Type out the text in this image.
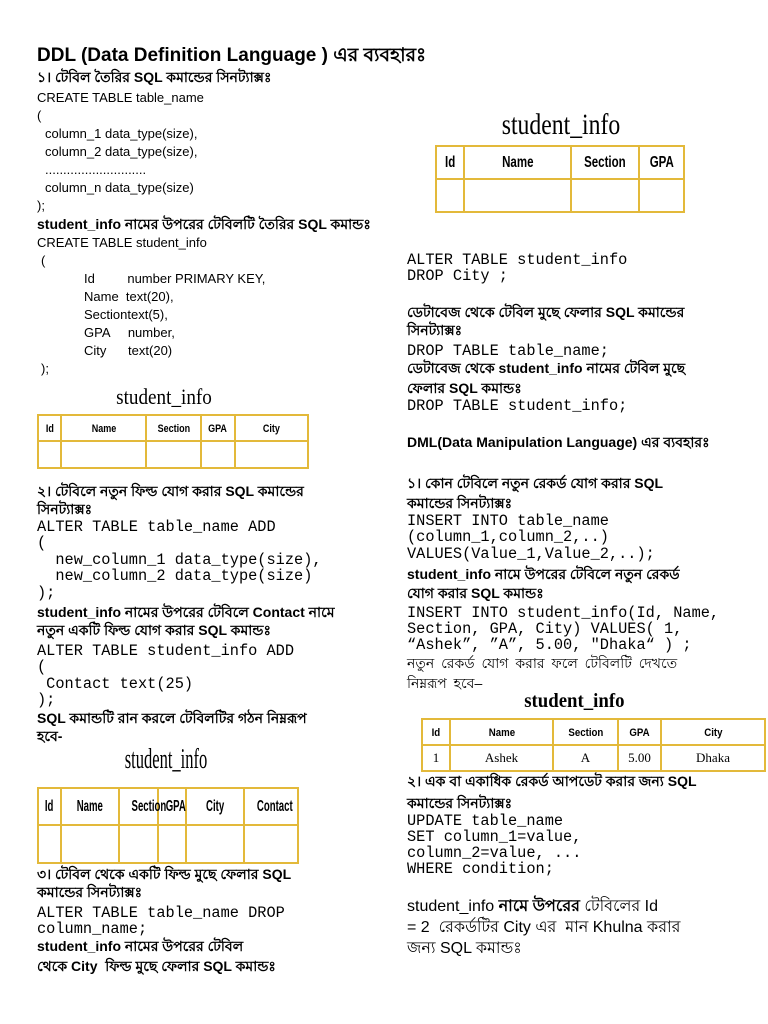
DDL (Data Definition Language ) এর ব্যবহারঃ
১। টেবিল তৈরির SQL কমান্ডের সিনট্যাক্সঃ
CREATE TABLE table_name
(
column_1 data_type(size),
column_2 data_type(size),
............................
column_n data_type(size)
);
student_info নামের উপরের টেবিলটি তৈরির SQL কমান্ডঃ
CREATE TABLE student_info
(
Id         number PRIMARY KEY,
Name  text(20),
Sectiontext(5),
GPA     number,
City      text(20)
);
student_info
Id	Name	Section	GPA	City

২। টেবিলে নতুন ফিল্ড যোগ করার SQL কমান্ডের
সিনট্যাক্সঃ
ALTER TABLE table_name ADD
(
new_column_1 data_type(size),
new_column_2 data_type(size)
);
student_info নামের উপরের টেবিলে Contact নামে
নতুন একটি ফিল্ড যোগ করার SQL কমান্ডঃ
ALTER TABLE student_info ADD
(
Contact text(25)
);
SQL কমান্ডটি রান করলে টেবিলটির গঠন নিম্নরূপ
হবে-
student_info
Id	Name	Section	GPA	City	Contact

৩। টেবিল থেকে একটি ফিল্ড মুছে ফেলার SQL
কমান্ডের সিনট্যাক্সঃ
ALTER TABLE table_name DROP
column_name;
student_info নামের উপরের টেবিল
থেকে City  ফিল্ড মুছে ফেলার SQL কমান্ডঃ
student_info
Id	Name	Section	GPA

ALTER TABLE student_info
DROP City ;
ডেটাবেজ থেকে টেবিল মুছে ফেলার SQL কমান্ডের
সিনট্যাক্সঃ
DROP TABLE table_name;
ডেটাবেজ থেকে student_info নামের টেবিল মুছে
ফেলার SQL কমান্ডঃ
DROP TABLE student_info;
DML(Data Manipulation Language) এর ব্যবহারঃ
১। কোন টেবিলে নতুন রেকর্ড যোগ করার SQL
কমান্ডের সিনট্যাক্সঃ
INSERT INTO table_name
(column_1,column_2,..)
VALUES(Value_1,Value_2,..);
student_info নামে উপরের টেবিলে নতুন রেকর্ড
যোগ করার SQL কমান্ডঃ
INSERT INTO student_info(Id, Name,
Section, GPA, City) VALUES( 1,
“Ashek”, ”A”, 5.00, "Dhaka“ ) ;
নতুন রেকর্ড যোগ করার ফলে টেবিলটি দেখতে
নিম্নরূপ হবে–
student_info
Id	Name	Section	GPA	City
1	Ashek	A	5.00	Dhaka
২। এক বা একাধিক রেকর্ড আপডেট করার জন্য SQL
কমান্ডের সিনট্যাক্সঃ
UPDATE table_name
SET column_1=value,
column_2=value, ...
WHERE condition;
student_info নামে উপরের টেবিলের Id
= 2  রেকর্ডটির City এর  মান Khulna করার
জন্য SQL কমান্ডঃ
